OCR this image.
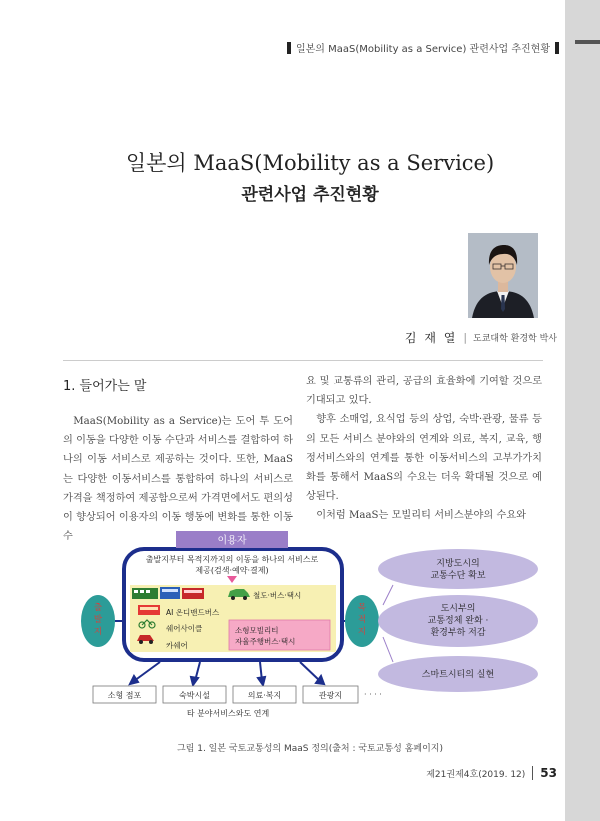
일본의 MaaS(Mobility as a Service) 관련사업 추진현황
일본의 MaaS(Mobility as a Service)
관련사업 추진현황
김 재 열 | 도쿄대학 환경학 박사
1. 들어가는 말

MaaS(Mobility as a Service)는 도어 투 도어의 이동을 다양한 이동 수단과 서비스를 결합하여 하나의 이동 서비스로 제공하는 것이다. 또한, MaaS는 다양한 이동서비스를 통합하여 하나의 서비스로 가격을 책정하여 제공함으로써 가격면에서도 편의성이 향상되어 이용자의 이동 행동에 변화를 통한 이동수

요 및 교통류의 관리, 공급의 효율화에 기여할 것으로 기대되고 있다.

향후 소매업, 요식업 등의 상업, 숙박·관광, 물류 등의 모든 서비스 분야와의 연계와 의료, 복지, 교육, 행정서비스와의 연계를 통한 이동서비스의 고부가가치화를 통해서 MaaS의 수요는 더욱 확대될 것으로 예상된다.

이처럼 MaaS는 모빌리티 서비스분야의 수요와

이용자
출발지부터 목적지까지의 이동을 하나의 서비스로
제공(검색·예약·결제)
철도·버스·택시
AI 온디맨드버스
쉐어사이클
카쉐어
소형모빌리티
자율주행버스·택시
출
발
지
목
적
지
지방도시의
교통수단 확보
도시부의
교통정체 완화 ·
환경부하 저감
스마트시티의 실현
소형 점포	숙박시설	의료·복지	관광지	· · · ·
타 분야서비스와도 연계
그림 1. 일본 국토교통성의 MaaS 정의(출처 : 국토교통성 홈페이지)
제21권제4호(2019. 12) 53
